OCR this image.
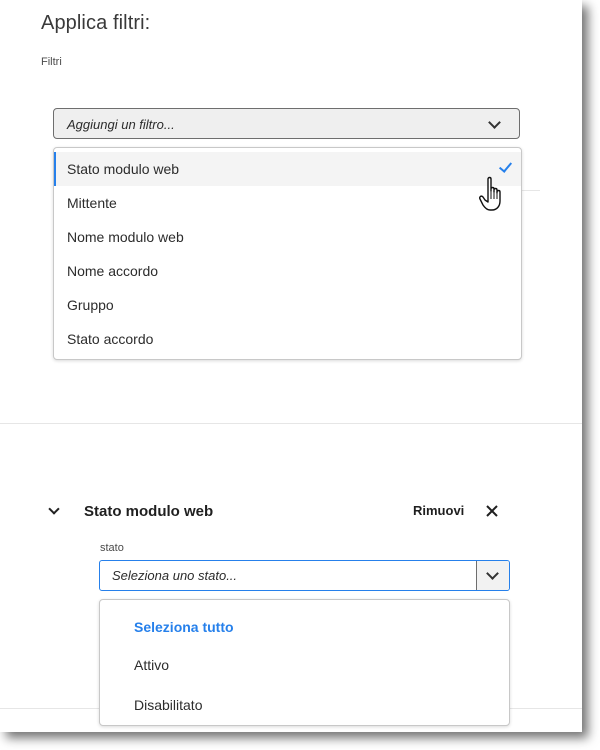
Applica filtri:
Filtri
Aggiungi un filtro...
Stato modulo web
Mittente
Nome modulo web
Nome accordo
Gruppo
Stato accordo
Stato modulo web	Rimuovi
stato
Seleziona uno stato...
Seleziona tutto
Attivo
Disabilitato
